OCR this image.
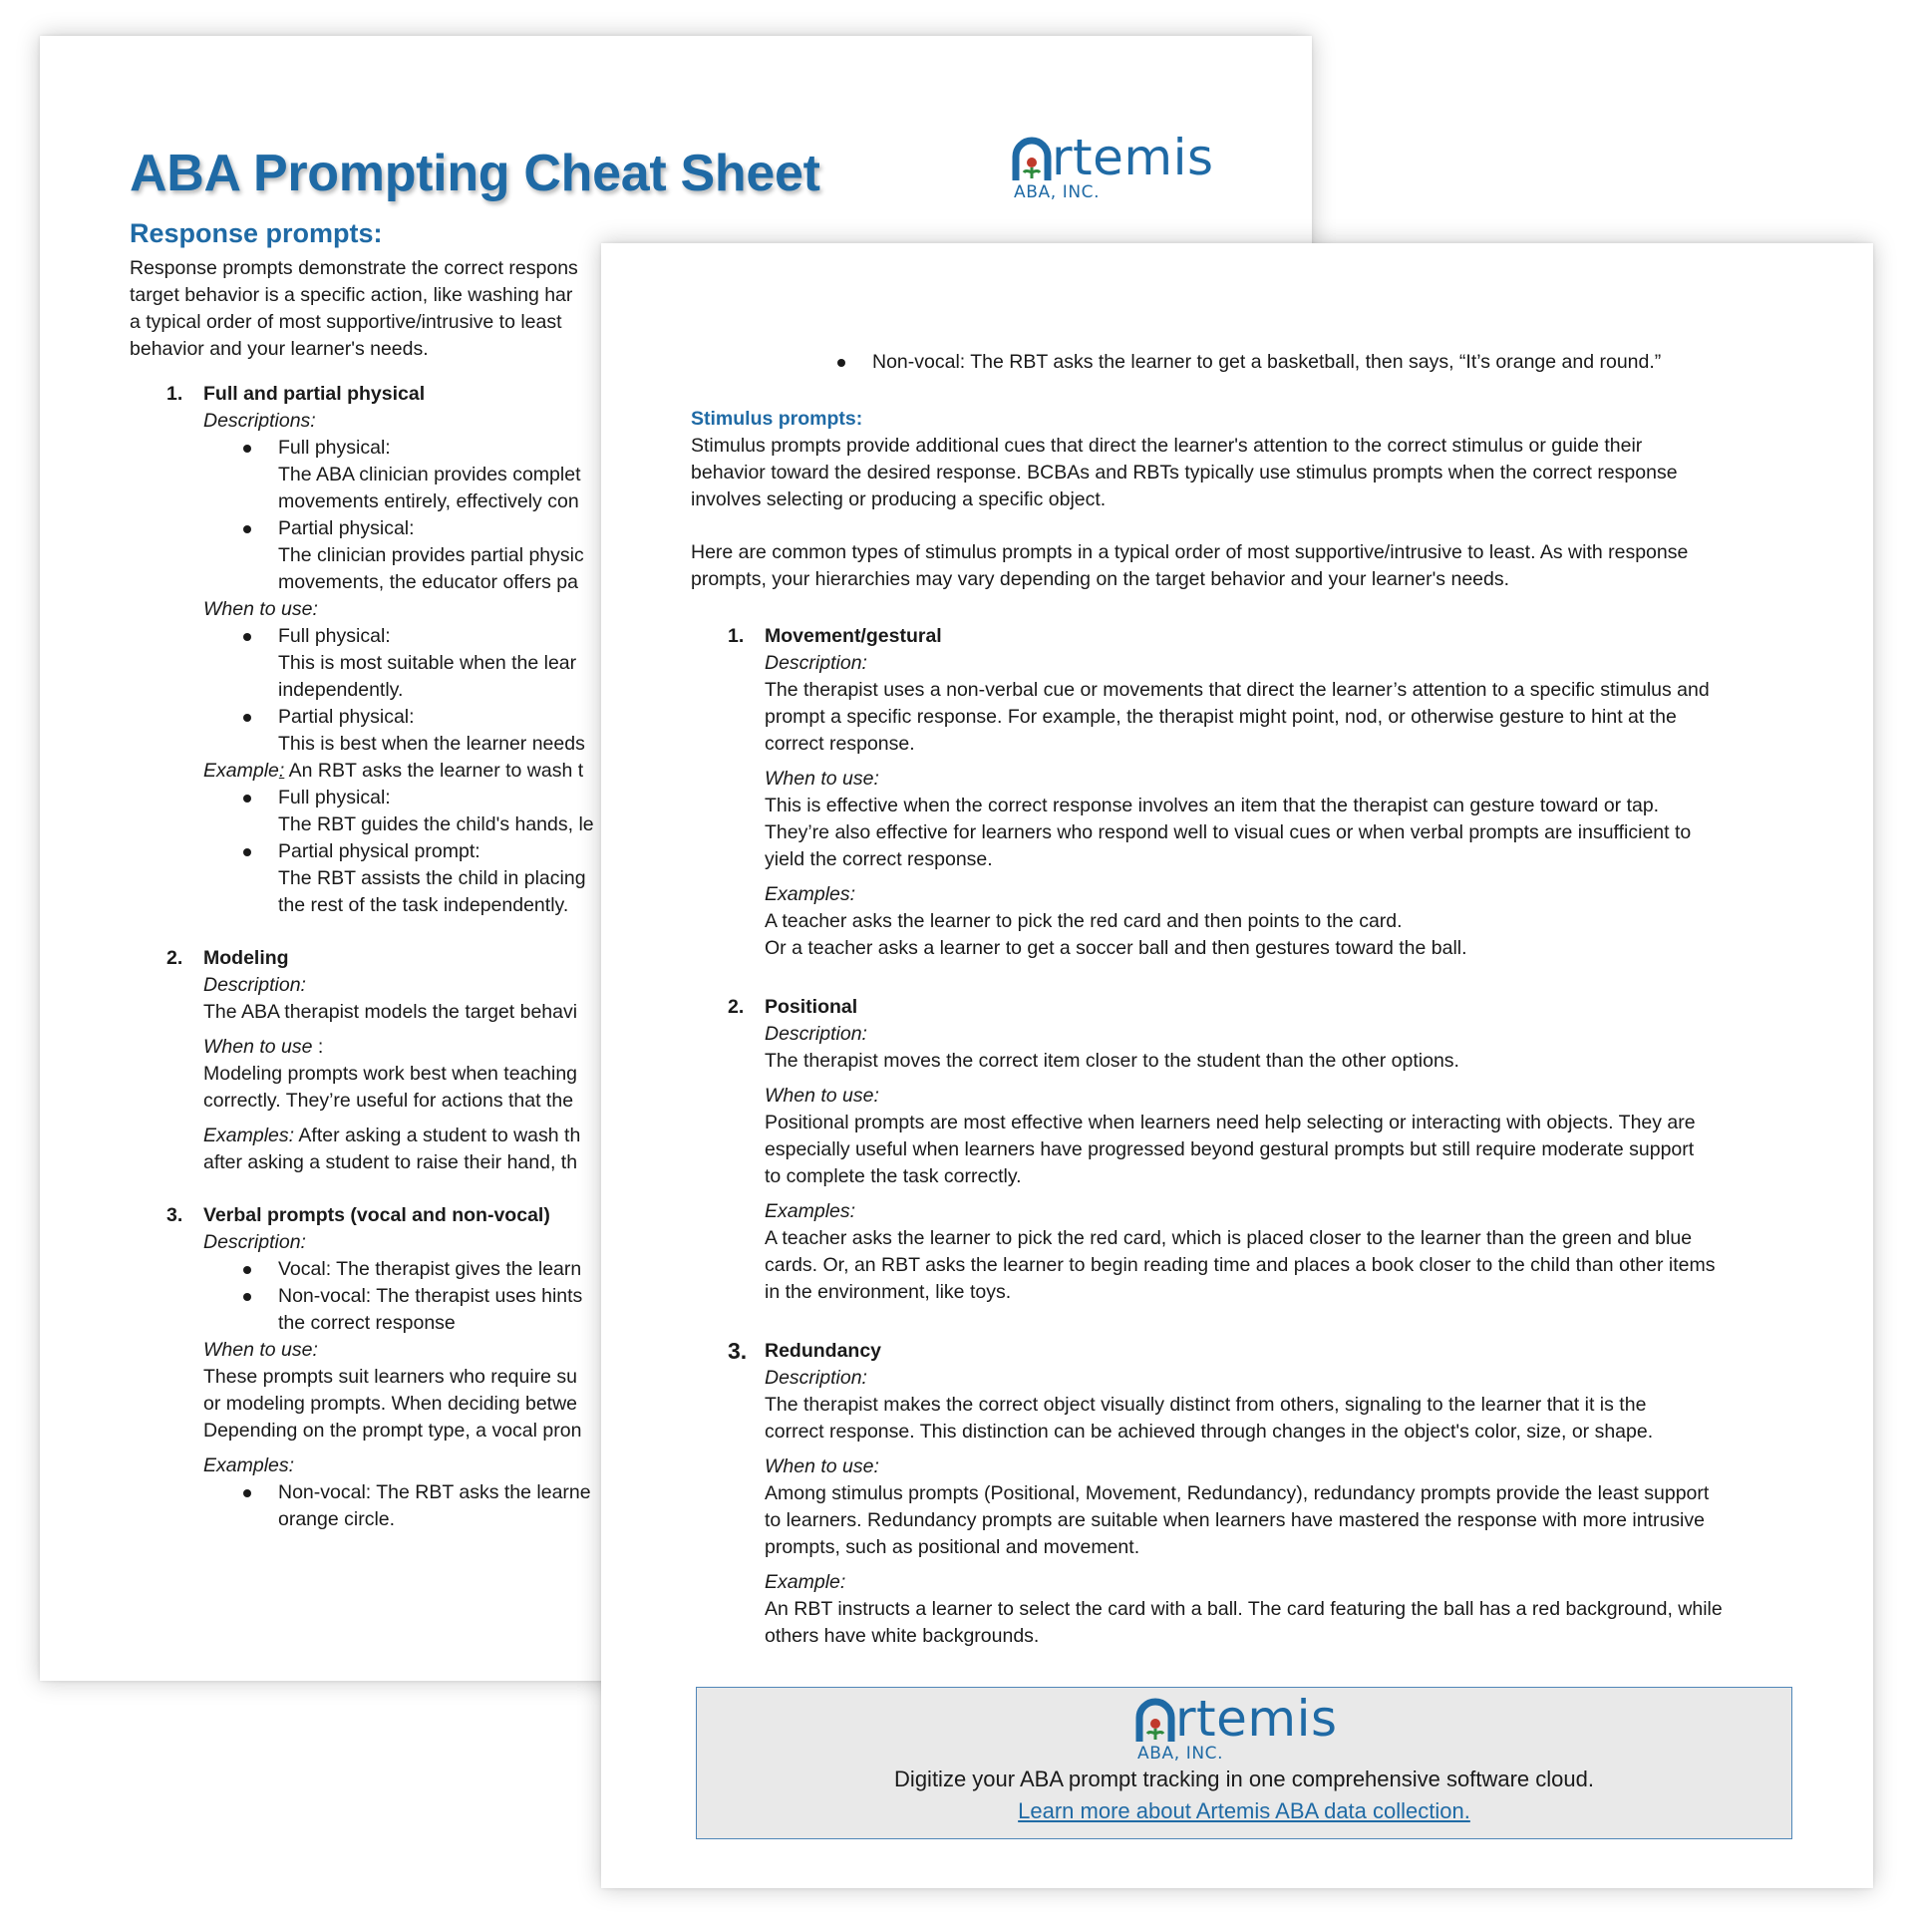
ABA Prompting Cheat Sheet	rtemis
ABA, INC.
Response prompts:

Response prompts demonstrate the correct respons

target behavior is a specific action, like washing har

a typical order of most supportive/intrusive to least

behavior and your learner's needs.

1. Full and partial physical
Descriptions:
Full physical:
The ABA clinician provides complet
movements entirely, effectively con
Partial physical:
The clinician provides partial physic
movements, the educator offers pa
When to use:
Full physical:
This is most suitable when the lear
independently.
Partial physical:
This is best when the learner needs
Example: An RBT asks the learner to wash t
Full physical:
The RBT guides the child's hands, le
Partial physical prompt:
The RBT assists the child in placing
the rest of the task independently.
2. Modeling
Description:
The ABA therapist models the target behavi
When to use :
Modeling prompts work best when teaching
correctly. They’re useful for actions that the
Examples: After asking a student to wash th
after asking a student to raise their hand, th
3. Verbal prompts (vocal and non-vocal)
Description:
Vocal: The therapist gives the learn
Non-vocal: The therapist uses hints
the correct response
When to use:
These prompts suit learners who require su
or modeling prompts. When deciding betwe
Depending on the prompt type, a vocal pron
Examples:
Non-vocal: The RBT asks the learne
orange circle.
Non-vocal: The RBT asks the learner to get a basketball, then says, “It’s orange and round.”
Stimulus prompts:

Stimulus prompts provide additional cues that direct the learner's attention to the correct stimulus or guide their

behavior toward the desired response. BCBAs and RBTs typically use stimulus prompts when the correct response

involves selecting or producing a specific object.

Here are common types of stimulus prompts in a typical order of most supportive/intrusive to least. As with response

prompts, your hierarchies may vary depending on the target behavior and your learner's needs.

1. Movement/gestural
Description:
The therapist uses a non-verbal cue or movements that direct the learner’s attention to a specific stimulus and
prompt a specific response. For example, the therapist might point, nod, or otherwise gesture to hint at the
correct response.
When to use:
This is effective when the correct response involves an item that the therapist can gesture toward or tap.
They’re also effective for learners who respond well to visual cues or when verbal prompts are insufficient to
yield the correct response.
Examples:
A teacher asks the learner to pick the red card and then points to the card.
Or a teacher asks a learner to get a soccer ball and then gestures toward the ball.
2. Positional
Description:
The therapist moves the correct item closer to the student than the other options.
When to use:
Positional prompts are most effective when learners need help selecting or interacting with objects. They are
especially useful when learners have progressed beyond gestural prompts but still require moderate support
to complete the task correctly.
Examples:
A teacher asks the learner to pick the red card, which is placed closer to the learner than the green and blue
cards. Or, an RBT asks the learner to begin reading time and places a book closer to the child than other items
in the environment, like toys.
3. Redundancy
Description:
The therapist makes the correct object visually distinct from others, signaling to the learner that it is the
correct response. This distinction can be achieved through changes in the object's color, size, or shape.
When to use:
Among stimulus prompts (Positional, Movement, Redundancy), redundancy prompts provide the least support
to learners. Redundancy prompts are suitable when learners have mastered the response with more intrusive
prompts, such as positional and movement.
Example:
An RBT instructs a learner to select the card with a ball. The card featuring the ball has a red background, while
others have white backgrounds.
rtemis
ABA, INC.
Digitize your ABA prompt tracking in one comprehensive software cloud.
Learn more about Artemis ABA data collection.
